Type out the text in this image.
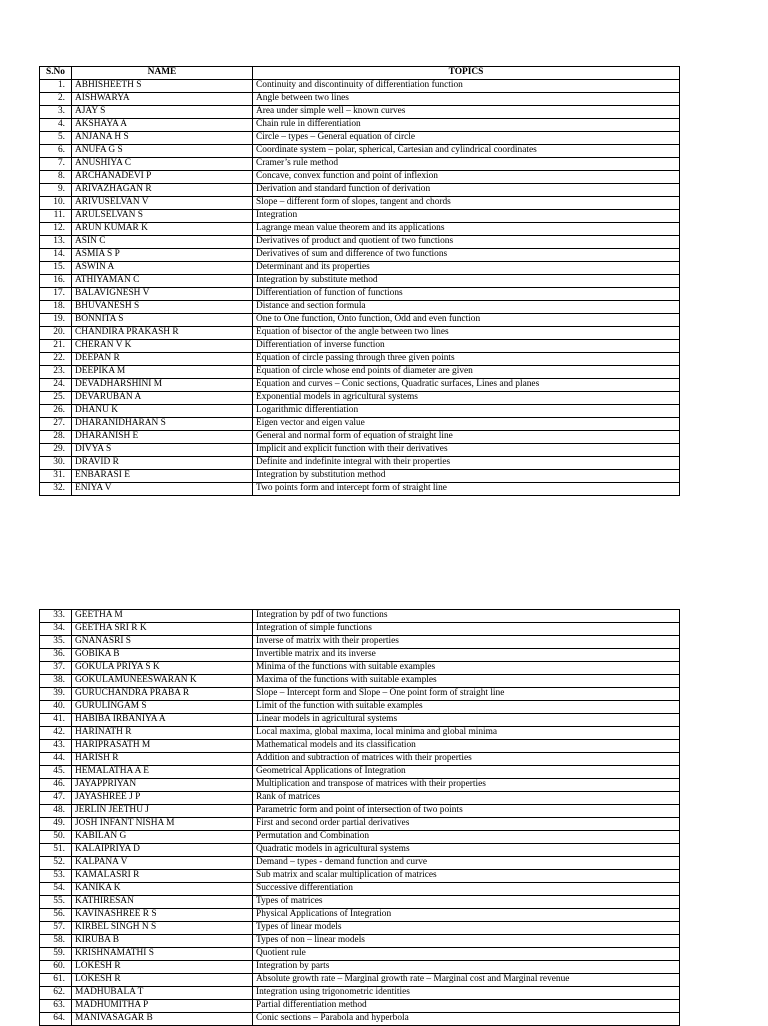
S.No	NAME	TOPICS
1.	ABHISHEETH S	Continuity and discontinuity of differentiation function
2.	AISHWARYA	Angle between two lines
3.	AJAY S	Area under simple well – known curves
4.	AKSHAYA A	Chain rule in differentiation
5.	ANJANA H S	Circle – types – General equation of circle
6.	ANUFA G S	Coordinate system – polar, spherical, Cartesian and cylindrical coordinates
7.	ANUSHIYA C	Cramer’s rule method
8.	ARCHANADEVI P	Concave, convex function and point of inflexion
9.	ARIVAZHAGAN R	Derivation and standard function of derivation
10.	ARIVUSELVAN V	Slope – different form of slopes, tangent and chords
11.	ARULSELVAN S	Integration
12.	ARUN KUMAR K	Lagrange mean value theorem and its applications
13.	ASIN C	Derivatives of product and quotient of two functions
14.	ASMIA S P	Derivatives of sum and difference of two functions
15.	ASWIN A	Determinant and its properties
16.	ATHIYAMAN C	Integration by substitute method
17.	BALAVIGNESH V	Differentiation of function of functions
18.	BHUVANESH S	Distance and section formula
19.	BONNITA S	One to One function, Onto function, Odd and even function
20.	CHANDIRA PRAKASH R	Equation of bisector of the angle between two lines
21.	CHERAN V K	Differentiation of inverse function
22.	DEEPAN R	Equation of circle passing through three given points
23.	DEEPIKA M	Equation of circle whose end points of diameter are given
24.	DEVADHARSHINI M	Equation and curves – Conic sections, Quadratic surfaces, Lines and planes
25.	DEVARUBAN A	Exponential models in agricultural systems
26.	DHANU K	Logarithmic differentiation
27.	DHARANIDHARAN S	Eigen vector and eigen value
28.	DHARANISH E	General and normal form of equation of straight line
29.	DIVYA S	Implicit and explicit function with their derivatives
30.	DRAVID R	Definite and indefinite integral with their properties
31.	ENBARASI E	Integration by substitution method
32.	ENIYA V	Two points form and intercept form of straight line
33.	GEETHA M	Integration by pdf of two functions
34.	GEETHA SRI R K	Integration of simple functions
35.	GNANASRI S	Inverse of matrix with their properties
36.	GOBIKA B	Invertible matrix and its inverse
37.	GOKULA PRIYA S K	Minima of the functions with suitable examples
38.	GOKULAMUNEESWARAN K	Maxima of the functions with suitable examples
39.	GURUCHANDRA PRABA R	Slope – Intercept form and Slope – One point form of straight line
40.	GURULINGAM S	Limit of the function with suitable examples
41.	HABIBA IRBANIYA A	Linear models in agricultural systems
42.	HARINATH R	Local maxima, global maxima, local minima and global minima
43.	HARIPRASATH M	Mathematical models and its classification
44.	HARISH R	Addition and subtraction of matrices with their properties
45.	HEMALATHA A E	Geometrical Applications of Integration
46.	JAYAPPRIYAN	Multiplication and transpose of matrices with their properties
47.	JAYASHREE J P	Rank of matrices
48.	JERLIN JEETHU J	Parametric form and point of intersection of two points
49.	JOSH INFANT NISHA M	First and second order partial derivatives
50.	KABILAN G	Permutation and Combination
51.	KALAIPRIYA D	Quadratic models in agricultural systems
52.	KALPANA V	Demand – types - demand function and curve
53.	KAMALASRI R	Sub matrix and scalar multiplication of matrices
54.	KANIKA K	Successive differentiation
55.	KATHIRESAN	Types of matrices
56.	KAVINASHREE R S	Physical Applications of Integration
57.	KIRBEL SINGH N S	Types of linear models
58.	KIRUBA B	Types of non – linear models
59.	KRISHNAMATHI S	Quotient rule
60.	LOKESH R	Integration by parts
61.	LOKESH R	Absolute growth rate – Marginal growth rate – Marginal cost and Marginal revenue
62.	MADHUBALA T	Integration using trigonometric identities
63.	MADHUMITHA P	Partial differentiation method
64.	MANIVASAGAR B	Conic sections – Parabola and hyperbola
